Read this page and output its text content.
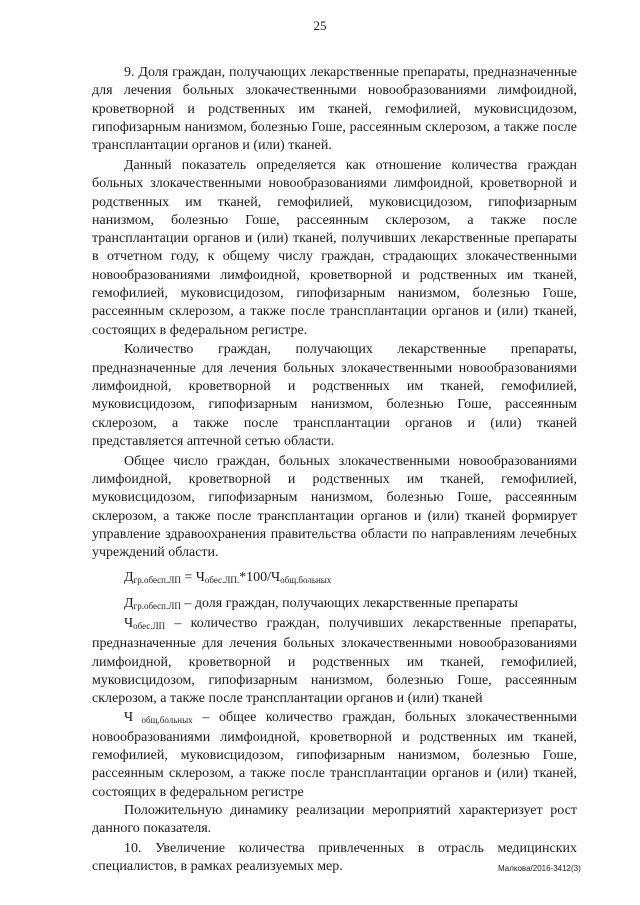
25

9. Доля граждан, получающих лекарственные препараты, предназначенные для лечения больных злокачественными новообразованиями лимфоидной, кроветворной и родственных им тканей, гемофилией, муковисцидозом, гипофизарным нанизмом, болезнью Гоше, рассеянным склерозом, а также после трансплантации органов и (или) тканей.

Данный показатель определяется как отношение количества граждан больных злокачественными новообразованиями лимфоидной, кроветворной и родственных им тканей, гемофилией, муковисцидозом, гипофизарным нанизмом, болезнью Гоше, рассеянным склерозом, а также после трансплантации органов и (или) тканей, получивших лекарственные препараты в отчетном году, к общему числу граждан, страдающих злокачественными новообразованиями лимфоидной, кроветворной и родственных им тканей, гемофилией, муковисцидозом, гипофизарным нанизмом, болезнью Гоше, рассеянным склерозом, а также после трансплантации органов и (или) тканей, состоящих в федеральном регистре.

Количество граждан, получающих лекарственные препараты, предназначенные для лечения больных злокачественными новообразованиями лимфоидной, кроветворной и родственных им тканей, гемофилией, муковисцидозом, гипофизарным нанизмом, болезнью Гоше, рассеянным склерозом, а также после трансплантации органов и (или) тканей представляется аптечной сетью области.

Общее число граждан, больных злокачественными новообразованиями лимфоидной, кроветворной и родственных им тканей, гемофилией, муковисцидозом, гипофизарным нанизмом, болезнью Гоше, рассеянным склерозом, а также после трансплантации органов и (или) тканей формирует управление здравоохранения правительства области по направлениям лечебных учреждений области.

$Д_{гр.обесп.ЛП} = Ч_{обес.ЛП.}*100/Ч_{общ.больных}$

$Д_{гр.обесп.ЛП}$ – доля граждан, получающих лекарственные препараты

$Ч_{обес.ЛП}$ – количество граждан, получивших лекарственные препараты, предназначенные для лечения больных злокачественными новообразованиями лимфоидной, кроветворной и родственных им тканей, гемофилией, муковисцидозом, гипофизарным нанизмом, болезнью Гоше, рассеянным склерозом, а также после трансплантации органов и (или) тканей

Ч $_{общ.больных}$ – общее количество граждан, больных злокачественными новообразованиями лимфоидной, кроветворной и родственных им тканей, гемофилией, муковисцидозом, гипофизарным нанизмом, болезнью Гоше, рассеянным склерозом, а также после трансплантации органов и (или) тканей, состоящих в федеральном регистре

Положительную динамику реализации мероприятий характеризует рост данного показателя.

10. Увеличение количества привлеченных в отрасль медицинских специалистов, в рамках реализуемых мер.	Малкова/2016-3412(3)
